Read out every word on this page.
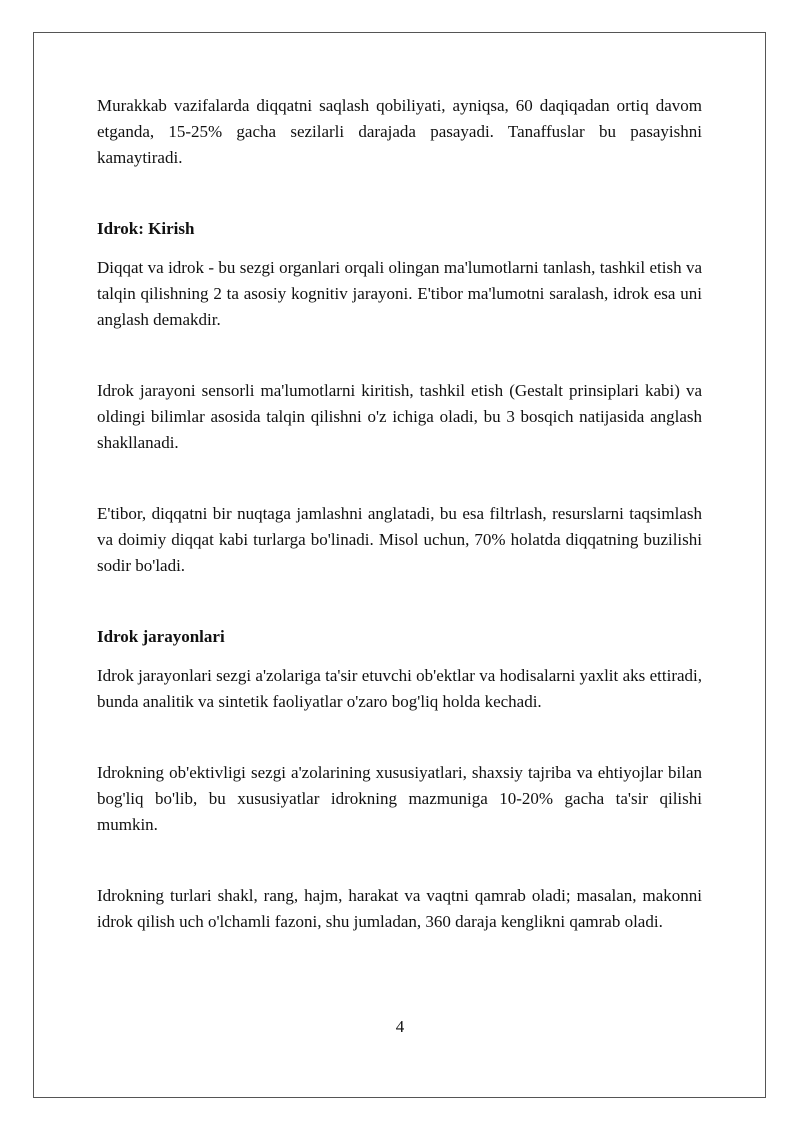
Murakkab vazifalarda diqqatni saqlash qobiliyati, ayniqsa, 60 daqiqadan ortiq davom etganda, 15-25% gacha sezilarli darajada pasayadi. Tanaffuslar bu pasayishni kamaytiradi.

Idrok: Kirish

Diqqat va idrok - bu sezgi organlari orqali olingan ma'lumotlarni tanlash, tashkil etish va talqin qilishning 2 ta asosiy kognitiv jarayoni. E'tibor ma'lumotni saralash, idrok esa uni anglash demakdir.

Idrok jarayoni sensorli ma'lumotlarni kiritish, tashkil etish (Gestalt prinsiplari kabi) va oldingi bilimlar asosida talqin qilishni o'z ichiga oladi, bu 3 bosqich natijasida anglash shakllanadi.

E'tibor, diqqatni bir nuqtaga jamlashni anglatadi, bu esa filtrlash, resurslarni taqsimlash va doimiy diqqat kabi turlarga bo'linadi. Misol uchun, 70% holatda diqqatning buzilishi sodir bo'ladi.

Idrok jarayonlari

Idrok jarayonlari sezgi a'zolariga ta'sir etuvchi ob'ektlar va hodisalarni yaxlit aks ettiradi, bunda analitik va sintetik faoliyatlar o'zaro bog'liq holda kechadi.

Idrokning ob'ektivligi sezgi a'zolarining xususiyatlari, shaxsiy tajriba va ehtiyojlar bilan bog'liq bo'lib, bu xususiyatlar idrokning mazmuniga 10-20% gacha ta'sir qilishi mumkin.

Idrokning turlari shakl, rang, hajm, harakat va vaqtni qamrab oladi; masalan, makonni idrok qilish uch o'lchamli fazoni, shu jumladan, 360 daraja kenglikni qamrab oladi.

4
